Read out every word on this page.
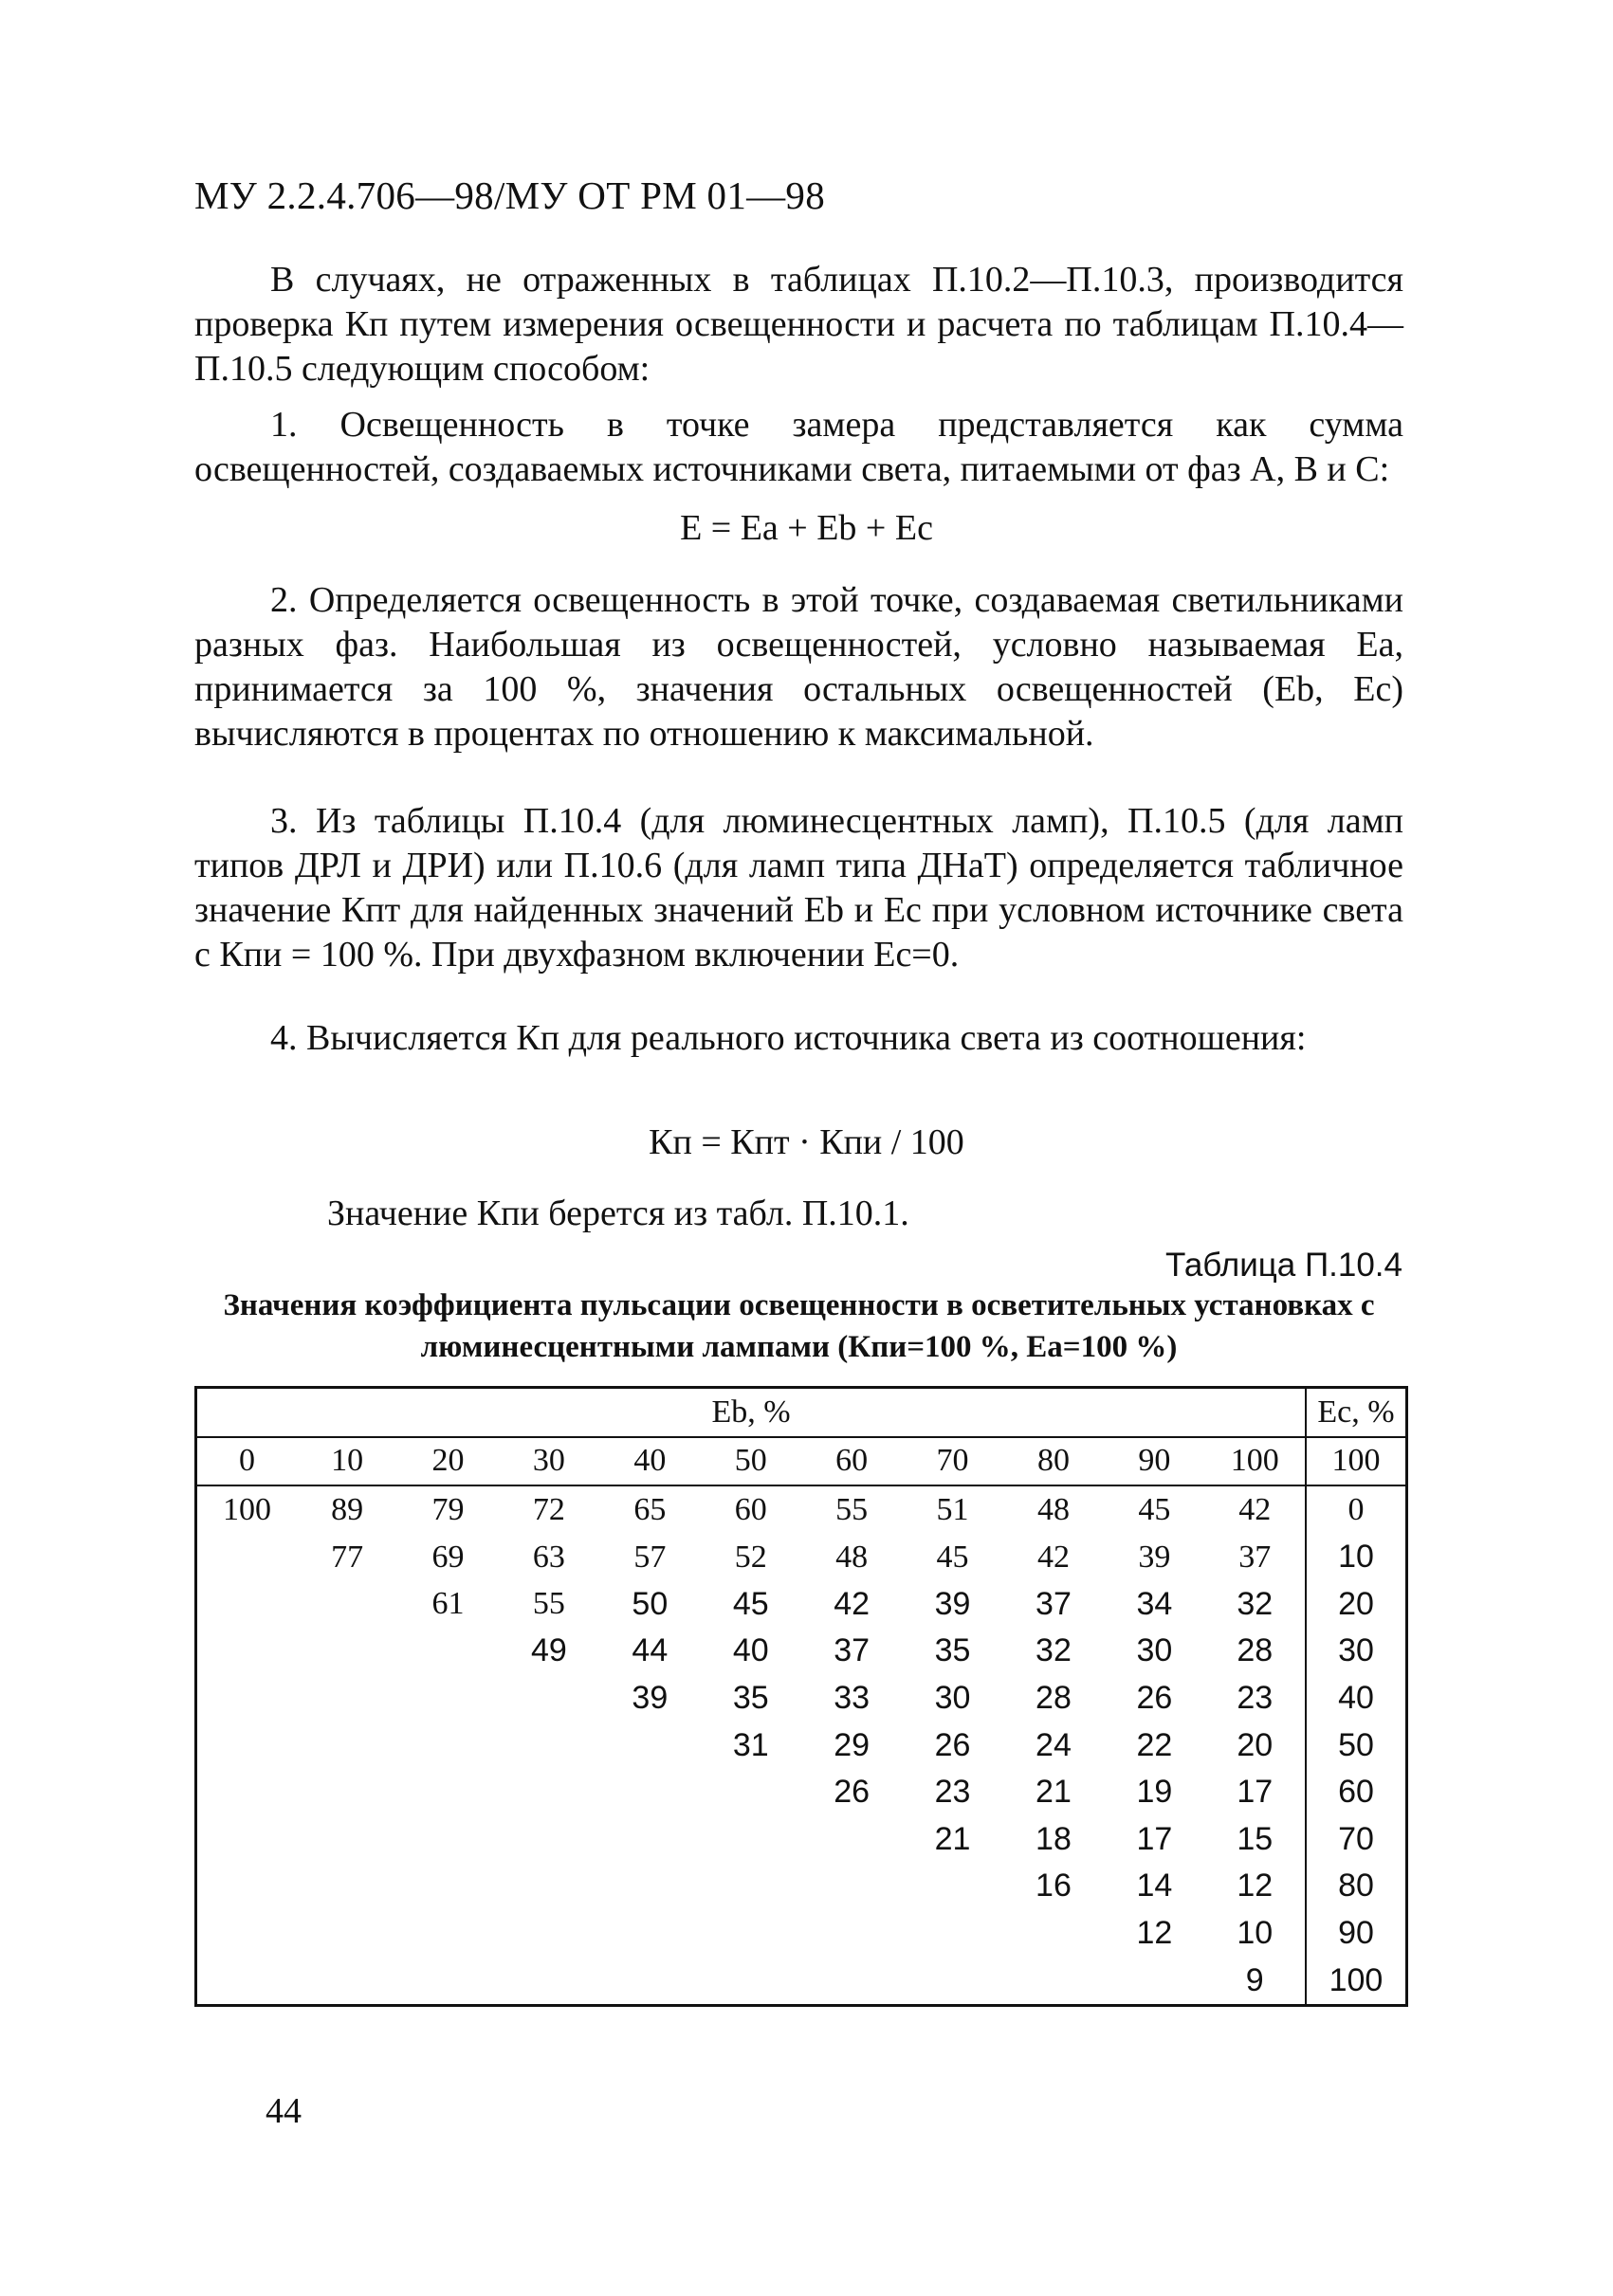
МУ 2.2.4.706—98/МУ ОТ РМ 01—98

В случаях, не отраженных в таблицах П.10.2—П.10.3, производится проверка Кп путем измерения освещенности и расчета по таблицам П.10.4—П.10.5 следующим способом:

1. Освещенность в точке замера представляется как сумма освещенностей, создаваемых источниками света, питаемыми от фаз А, В и С:

E = Ea + Eb + Ec

2. Определяется освещенность в этой точке, создаваемая светильниками разных фаз. Наибольшая из освещенностей, условно называемая Еа, принимается за 100 %, значения остальных освещенностей (Eb, Ec) вычисляются в процентах по отношению к максимальной.

3. Из таблицы П.10.4 (для люминесцентных ламп), П.10.5 (для ламп типов ДРЛ и ДРИ) или П.10.6 (для ламп типа ДНаТ) определяется табличное значение Кпт для найденных значений Eb и Ec при условном источнике света с Кпи = 100 %. При двухфазном включении Ec=0.

4. Вычисляется Кп для реального источника света из соотношения:

Кп = Кпт · Кпи / 100
Значение Кпи берется из табл. П.10.1.
Таблица П.10.4
Значения коэффициента пульсации освещенности в осветительных установках с люминесцентными лампами (Кпи=100 %, Еа=100 %)
Eb, %											Ec, %
0	10	20	30	40	50	60	70	80	90	100	100
100	89	79	72	65	60	55	51	48	45	42	0
	77	69	63	57	52	48	45	42	39	37	10
		61	55	50	45	42	39	37	34	32	20
			49	44	40	37	35	32	30	28	30
				39	35	33	30	28	26	23	40
					31	29	26	24	22	20	50
						26	23	21	19	17	60
							21	18	17	15	70
								16	14	12	80
									12	10	90
										9	100
44
